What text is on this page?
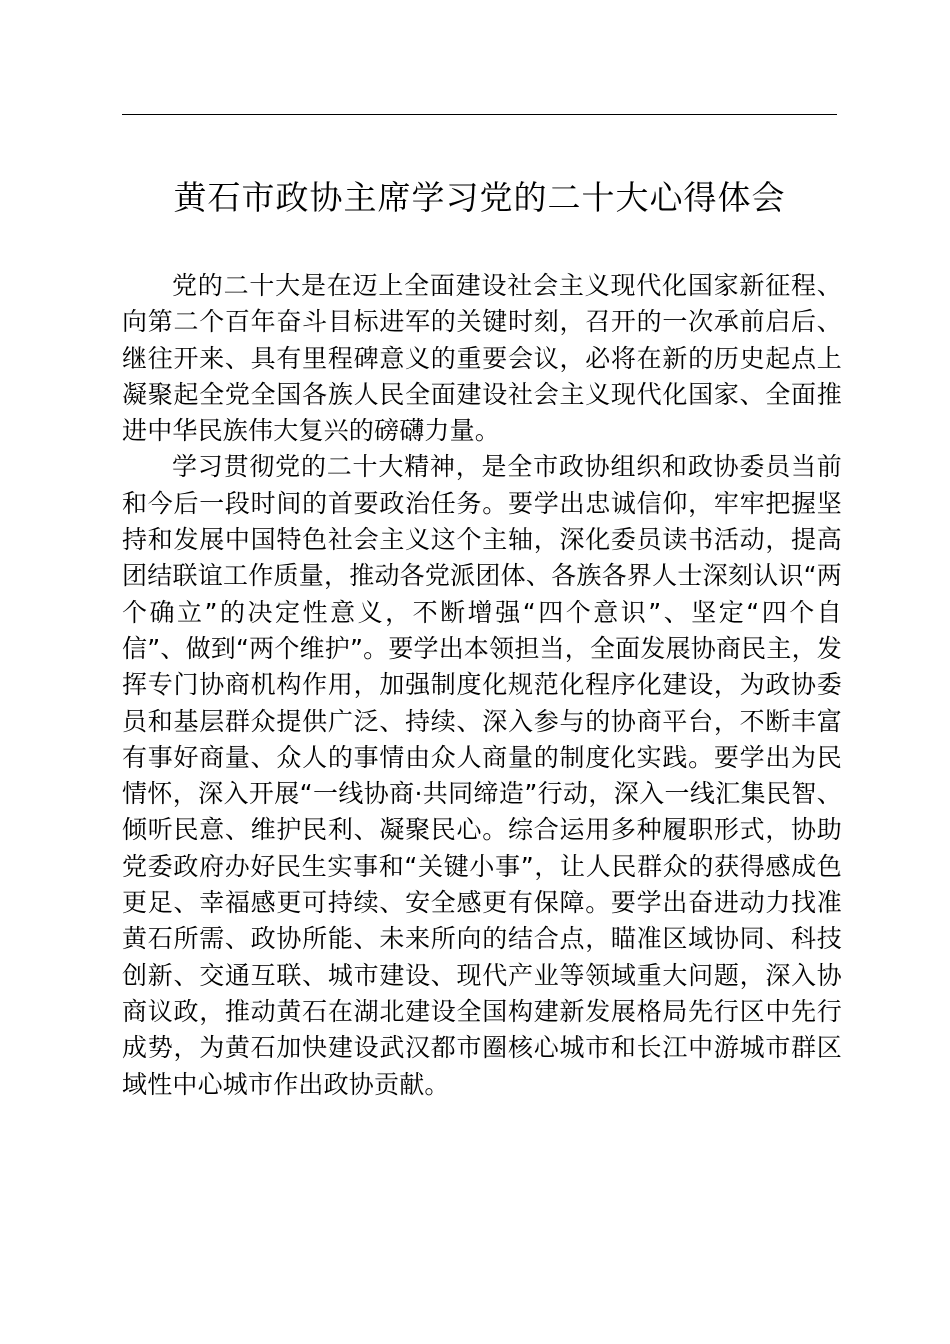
黄石市政协主席学习党的二十大心得体会

党的二十大是在迈上全面建设社会主义现代化国家新征程、向第二个百年奋斗目标进军的关键时刻，召开的一次承前启后、继往开来、具有里程碑意义的重要会议，必将在新的历史起点上凝聚起全党全国各族人民全面建设社会主义现代化国家、全面推进中华民族伟大复兴的磅礴力量。

学习贯彻党的二十大精神，是全市政协组织和政协委员当前和今后一段时间的首要政治任务。要学出忠诚信仰，牢牢把握坚持和发展中国特色社会主义这个主轴，深化委员读书活动，提高团结联谊工作质量，推动各党派团体、各族各界人士深刻认识“两个确立”的决定性意义，不断增强“四个意识”、坚定“四个自信”、做到“两个维护”。要学出本领担当，全面发展协商民主，发挥专门协商机构作用，加强制度化规范化程序化建设，为政协委员和基层群众提供广泛、持续、深入参与的协商平台，不断丰富有事好商量、众人的事情由众人商量的制度化实践。要学出为民情怀，深入开展“一线协商·共同缔造”行动，深入一线汇集民智、倾听民意、维护民利、凝聚民心。综合运用多种履职形式，协助党委政府办好民生实事和“关键小事”，让人民群众的获得感成色更足、幸福感更可持续、安全感更有保障。要学出奋进动力找准黄石所需、政协所能、未来所向的结合点，瞄准区域协同、科技创新、交通互联、城市建设、现代产业等领域重大问题，深入协商议政，推动黄石在湖北建设全国构建新发展格局先行区中先行成势，为黄石加快建设武汉都市圈核心城市和长江中游城市群区域性中心城市作出政协贡献。
